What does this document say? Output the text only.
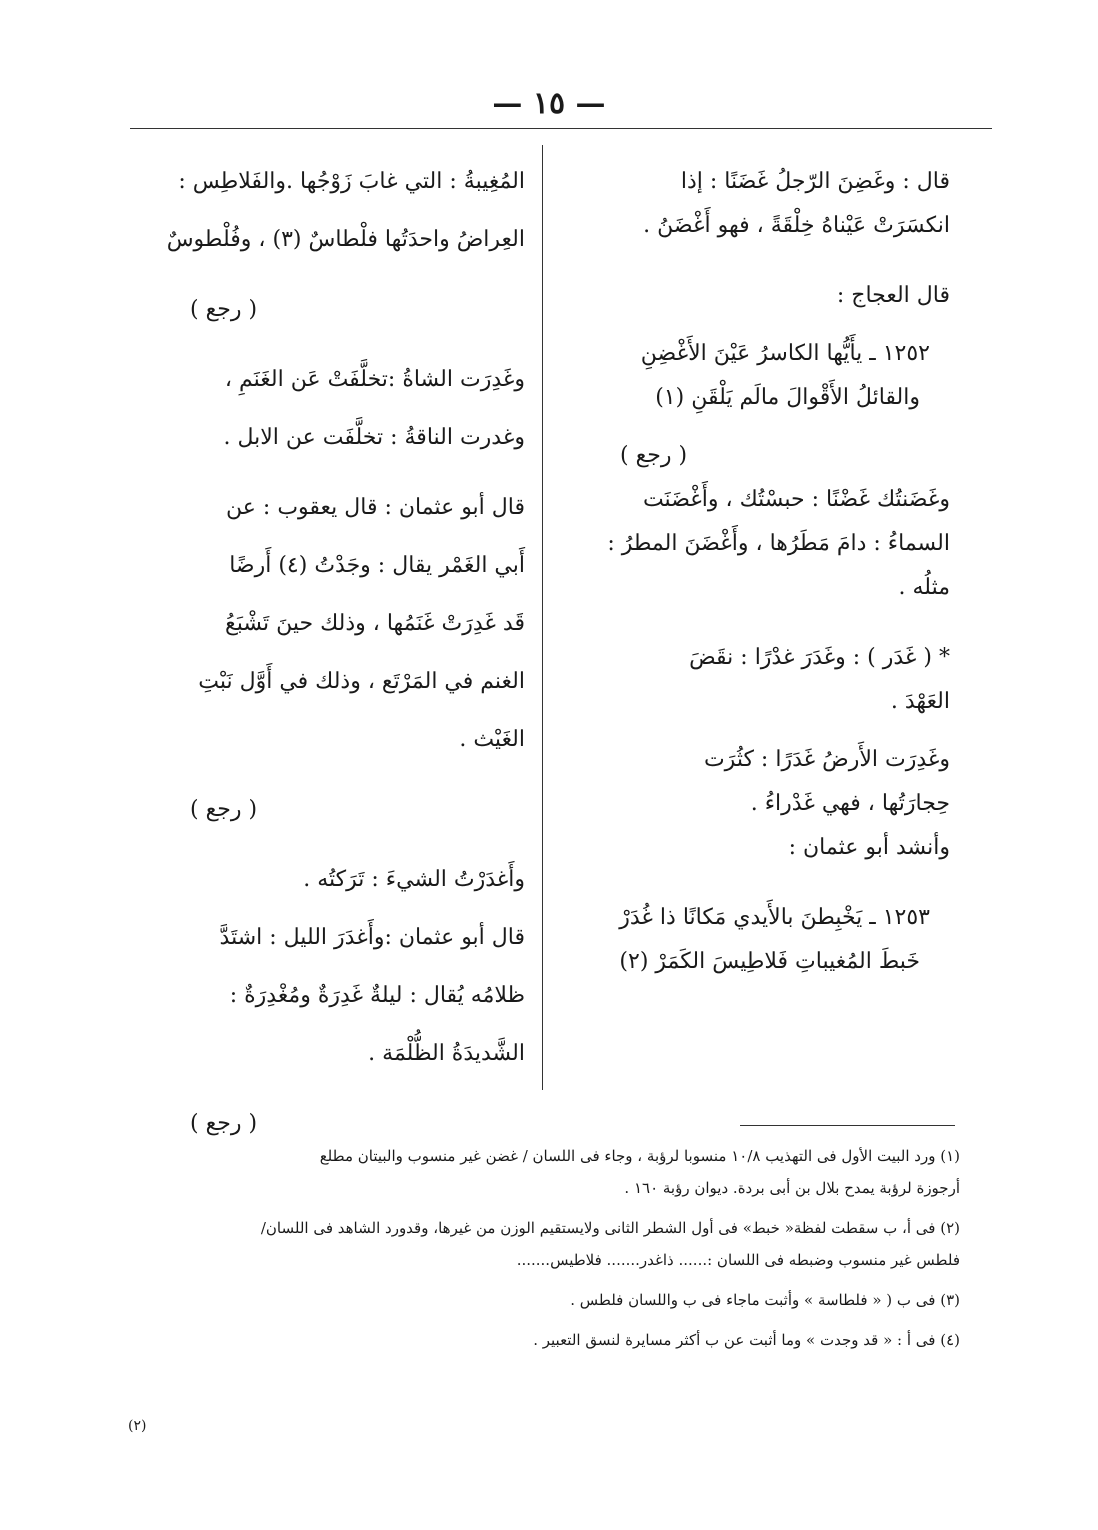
— ١٥ —

قال : وغَضِنَ الرّجلُ غَضَنًا : إذا

انكسَرَتْ عَيْناهُ خِلْقَةً ، فهو أَغْضَنُ .

قال العجاج :

١٢٥٢ ـ يأَيُّها الكاسرُ عَيْنَ الأَغْضِنِ

والقائلُ الأَقْوالَ مالَم يَلْقَنِ (١)

( رجع )

وغَضَنتُك غَضْنًا : حبسْتُك ، وأَغْضَنَت

السماءُ : دامَ مَطَرُها ، وأَغْضَنَ المطرُ :

مثلُه .

* ( غَدَر ) : وغَدَرَ غدْرًا : نقَضَ

العَهْدَ .

وغَدِرَت الأَرضُ غَدَرًا : كثُرَت

حِجارَتُها ، فهي غَدْراءُ .

وأنشد أبو عثمان :

١٢٥٣ ـ يَخْبِطنَ بالأَيدي مَكانًا ذا غُدَرْ

خَبطَ المُغيباتِ فَلاطِيسَ الكَمَرْ (٢)

المُغِيبةُ : التي غابَ زَوْجُها .والفَلاطِس :

العِراضُ واحدَتُها فلْطاسٌ (٣) ، وفُلْطوسٌ

( رجع )

وغَدِرَت الشاةُ :تخلَّفَتْ عَن الغَنَمِ ،

وغدرت الناقةُ : تخلَّفَت عن الابل .

قال أبو عثمان : قال يعقوب : عن

أَبي الغَمْر يقال : وجَدْتُ (٤) أَرضًا

قَد غَدِرَتْ غَنَمُها ، وذلك حينَ تَشْبَعُ

الغنم في المَرْتَع ، وذلك في أَوَّل نَبْتِ

الغَيْث .

( رجع )

وأَغدَرْتُ الشيءَ : تَرَكتُه .

قال أبو عثمان :وأَغدَرَ الليل : اشتَدَّ

ظلامُه يُقال : ليلةٌ غَدِرَةٌ ومُغْدِرَةٌ :

الشَّديدَةُ الظُّلْمَة .

( رجع )

(١) ورد البيت الأول فى التهذيب ١٠/٨ منسوبا لرؤبة ، وجاء فى اللسان / غضن غير منسوب والبيتان مطلع

أرجوزة لرؤبة يمدح بلال بن أبى بردة. ديوان رؤبة ١٦٠ .

(٢) فى أ، ب سقطت لفظة« خبط» فى أول الشطر الثانى ولايستقيم الوزن من غيرها، وقدورد الشاهد فى اللسان/

فلطس غير منسوب وضبطه فى اللسان :...... ذاغدر....... فلاطيس.......

(٣) فى ب ( « فلطاسة » وأثبت ماجاء فى ب واللسان فلطس .

(٤) فى أ : « قد وجدت » وما أثبت عن ب أكثر مسايرة لنسق التعبير .

(٢)
